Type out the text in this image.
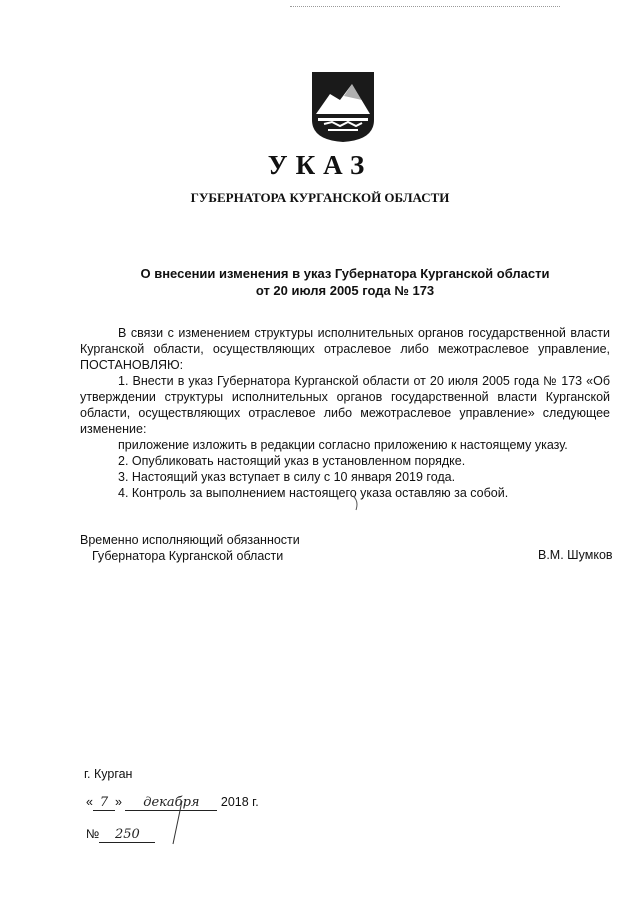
УКАЗ
ГУБЕРНАТОРА КУРГАНСКОЙ ОБЛАСТИ
О внесении изменения в указ Губернатора Курганской области
от 20 июля 2005 года № 173

В связи с изменением структуры исполнительных органов государственной власти Курганской области, осуществляющих отраслевое либо межотраслевое управление, ПОСТАНОВЛЯЮ:

1. Внести в указ Губернатора Курганской области от 20 июля 2005 года № 173 «Об утверждении структуры исполнительных органов государственной власти Курганской области, осуществляющих отраслевое либо межотраслевое управление» следующее изменение:

приложение изложить в редакции согласно приложению к настоящему указу.

2. Опубликовать настоящий указ в установленном порядке.

3. Настоящий указ вступает в силу с 10 января 2019 года.

4. Контроль за выполнением настоящего указа оставляю за собой.

Временно исполняющий обязанности
Губернатора Курганской области	В.М. Шумков
г. Курган
« 7 » декабря 2018 г.
№ 250
